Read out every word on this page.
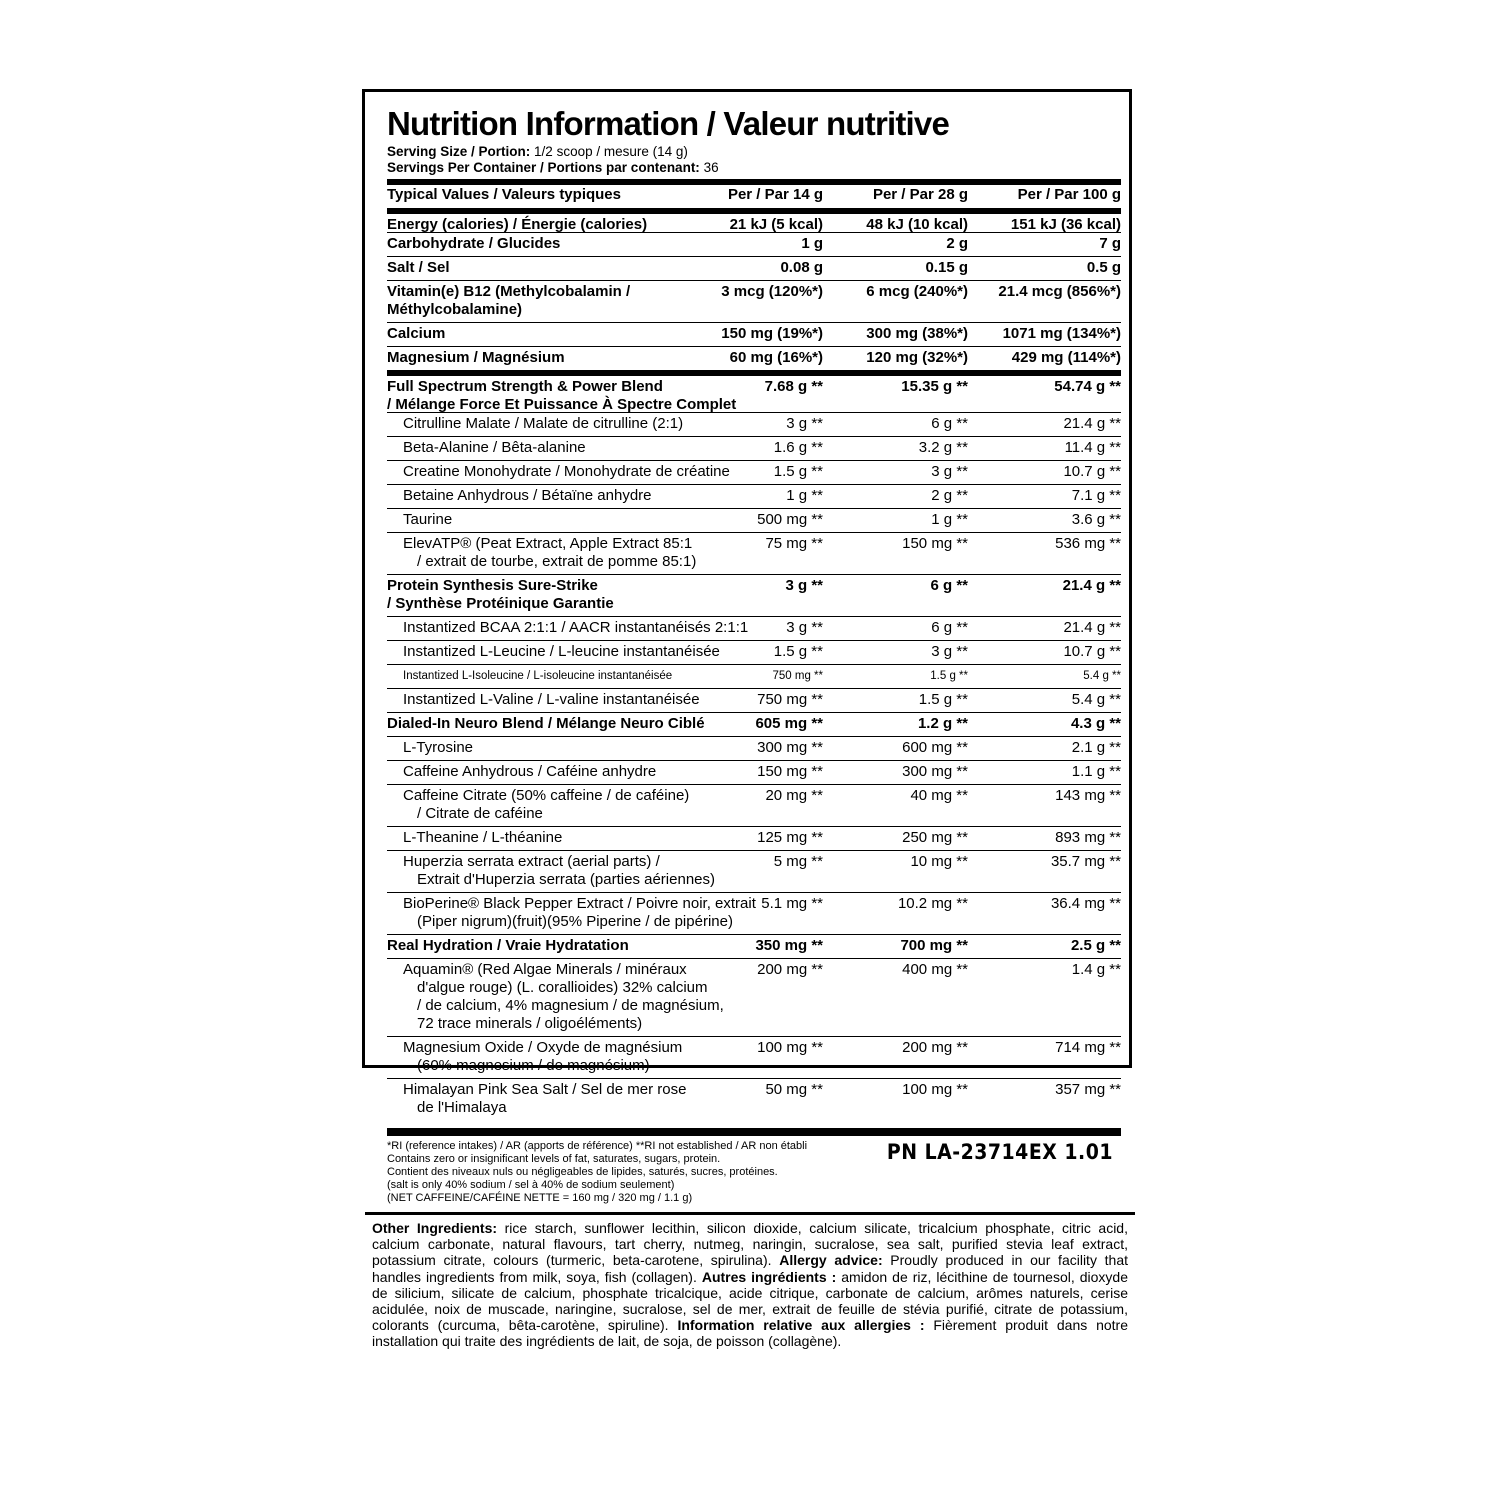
Nutrition Information / Valeur nutritive
Serving Size / Portion: 1/2 scoop / mesure (14 g)
Servings Per Container / Portions par contenant: 36
Typical Values / Valeurs typiques	Per / Par 14 g	Per / Par 28 g	Per / Par 100 g
Energy (calories) / Énergie (calories)	21 kJ (5 kcal)	48 kJ (10 kcal)	151 kJ (36 kcal)
Carbohydrate / Glucides	1 g	2 g	7 g
Salt / Sel	0.08 g	0.15 g	0.5 g
Vitamin(e) B12 (Methylcobalamin /
Méthylcobalamine)
3 mcg (120%*)	6 mcg (240%*) 21.4 mcg (856%*)
Calcium	150 mg (19%*)	300 mg (38%*) 1071 mg (134%*)
Magnesium / Magnésium	60 mg (16%*)	120 mg (32%*)	429 mg (114%*)
Full Spectrum Strength & Power Blend
/ Mélange Force Et Puissance À Spectre Complet
7.68 g **	15.35 g **	54.74 g **
Citrulline Malate / Malate de citrulline (2:1)	3 g **	6 g **	21.4 g **
Beta-Alanine / Bêta-alanine	1.6 g **	3.2 g **	11.4 g **
Creatine Monohydrate / Monohydrate de créatine	1.5 g **	3 g **	10.7 g **
Betaine Anhydrous / Bétaïne anhydre	1 g **	2 g **	7.1 g **
Taurine	500 mg **	1 g **	3.6 g **
ElevATP® (Peat Extract, Apple Extract 85:1
/ extrait de tourbe, extrait de pomme 85:1)
75 mg **	150 mg **	536 mg **
Protein Synthesis Sure-Strike
/ Synthèse Protéinique Garantie
3 g **	6 g **	21.4 g **
Instantized BCAA 2:1:1 / AACR instantanéisés 2:1:1	3 g **	6 g **	21.4 g **
Instantized L-Leucine / L-leucine instantanéisée	1.5 g **	3 g **	10.7 g **
Instantized L-Isoleucine / L-isoleucine instantanéisée	750 mg **	1.5 g **	5.4 g **
Instantized L-Valine / L-valine instantanéisée	750 mg **	1.5 g **	5.4 g **
Dialed-In Neuro Blend / Mélange Neuro Ciblé	605 mg **	1.2 g **	4.3 g **
L-Tyrosine	300 mg **	600 mg **	2.1 g **
Caffeine Anhydrous / Caféine anhydre	150 mg **	300 mg **	1.1 g **
Caffeine Citrate (50% caffeine / de caféine)
/ Citrate de caféine
20 mg **	40 mg **	143 mg **
L-Theanine / L-théanine	125 mg **	250 mg **	893 mg **
Huperzia serrata extract (aerial parts) /
Extrait d'Huperzia serrata (parties aériennes)
5 mg **	10 mg **	35.7 mg **
BioPerine® Black Pepper Extract / Poivre noir, extrait
(Piper nigrum)(fruit)(95% Piperine / de pipérine)
5.1 mg **	10.2 mg **	36.4 mg **
Real Hydration / Vraie Hydratation	350 mg **	700 mg **	2.5 g **
Aquamin® (Red Algae Minerals / minéraux
d'algue rouge) (L. corallioides) 32% calcium
/ de calcium, 4% magnesium / de magnésium,
72 trace minerals / oligoéléments)
200 mg **	400 mg **	1.4 g **
Magnesium Oxide / Oxyde de magnésium
(60% magnesium / de magnésium)
100 mg **	200 mg **	714 mg **
Himalayan Pink Sea Salt / Sel de mer rose
de l'Himalaya
50 mg **	100 mg **	357 mg **
*RI (reference intakes) / AR (apports de référence) **RI not established / AR non établi
Contains zero or insignificant levels of fat, saturates, sugars, protein.
Contient des niveaux nuls ou négligeables de lipides, saturés, sucres, protéines.
(salt is only 40% sodium / sel à 40% de sodium seulement)
(NET CAFFEINE/CAFÉINE NETTE = 160 mg / 320 mg / 1.1 g)
Other Ingredients: rice starch, sunflower lecithin, silicon dioxide, calcium silicate, tricalcium phosphate, citric acid, calcium carbonate, natural flavours, tart cherry, nutmeg, naringin, sucralose, sea salt, purified stevia leaf extract, potassium citrate, colours (turmeric, beta-carotene, spirulina). Allergy advice: Proudly produced in our facility that handles ingredients from milk, soya, fish (collagen). Autres ingrédients : amidon de riz, lécithine de tournesol, dioxyde de silicium, silicate de calcium, phosphate tricalcique, acide citrique, carbonate de calcium, arômes naturels, cerise acidulée, noix de muscade, naringine, sucralose, sel de mer, extrait de feuille de stévia purifié, citrate de potassium, colorants (curcuma, bêta-carotène, spiruline). Information relative aux allergies : Fièrement produit dans notre installation qui traite des ingrédients de lait, de soja, de poisson (collagène).
PN LA-23714EX 1.01
